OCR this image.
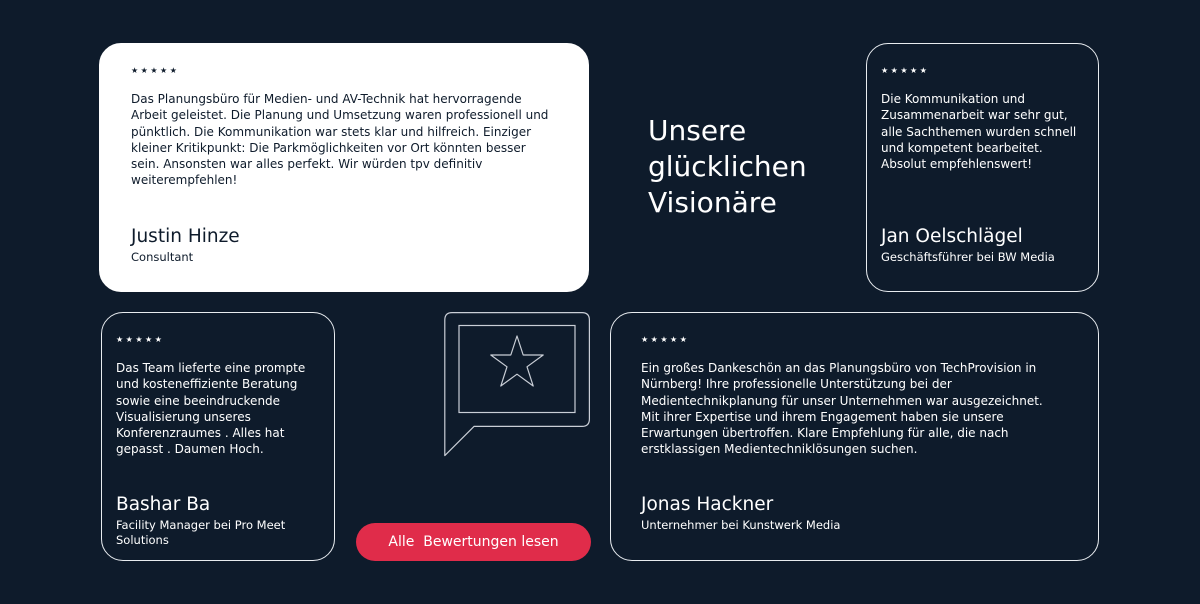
★★★★★

Das Planungsbüro für Medien- und AV-Technik hat hervorragende Arbeit geleistet. Die Planung und Umsetzung waren professionell und pünktlich. Die Kommunikation war stets klar und hilfreich. Einziger kleiner Kritikpunkt: Die Parkmöglichkeiten vor Ort könnten besser sein. Ansonsten war alles perfekt. Wir würden tpv definitiv weiterempfehlen!

Justin Hinze
Consultant
Unsere glücklichen Visionäre
★★★★★

Die Kommunikation und Zusammenarbeit war sehr gut, alle Sachthemen wurden schnell und kompetent bearbeitet. Absolut empfehlenswert!

Jan Oelschlägel
Geschäftsführer bei BW Media
★★★★★

Das Team lieferte eine prompte und kosteneffiziente Beratung sowie eine beeindruckende Visualisierung unseres Konferenzraumes . Alles hat gepasst . Daumen Hoch.

Bashar Ba
Facility Manager bei Pro Meet Solutions	Alle  Bewertungen lesen
★★★★★

Ein großes Dankeschön an das Planungsbüro von TechProvision in Nürnberg! Ihre professionelle Unterstützung bei der Medientechnikplanung für unser Unternehmen war ausgezeichnet. Mit ihrer Expertise und ihrem Engagement haben sie unsere Erwartungen übertroffen. Klare Empfehlung für alle, die nach erstklassigen Medientechniklösungen suchen.

Jonas Hackner
Unternehmer bei Kunstwerk Media
